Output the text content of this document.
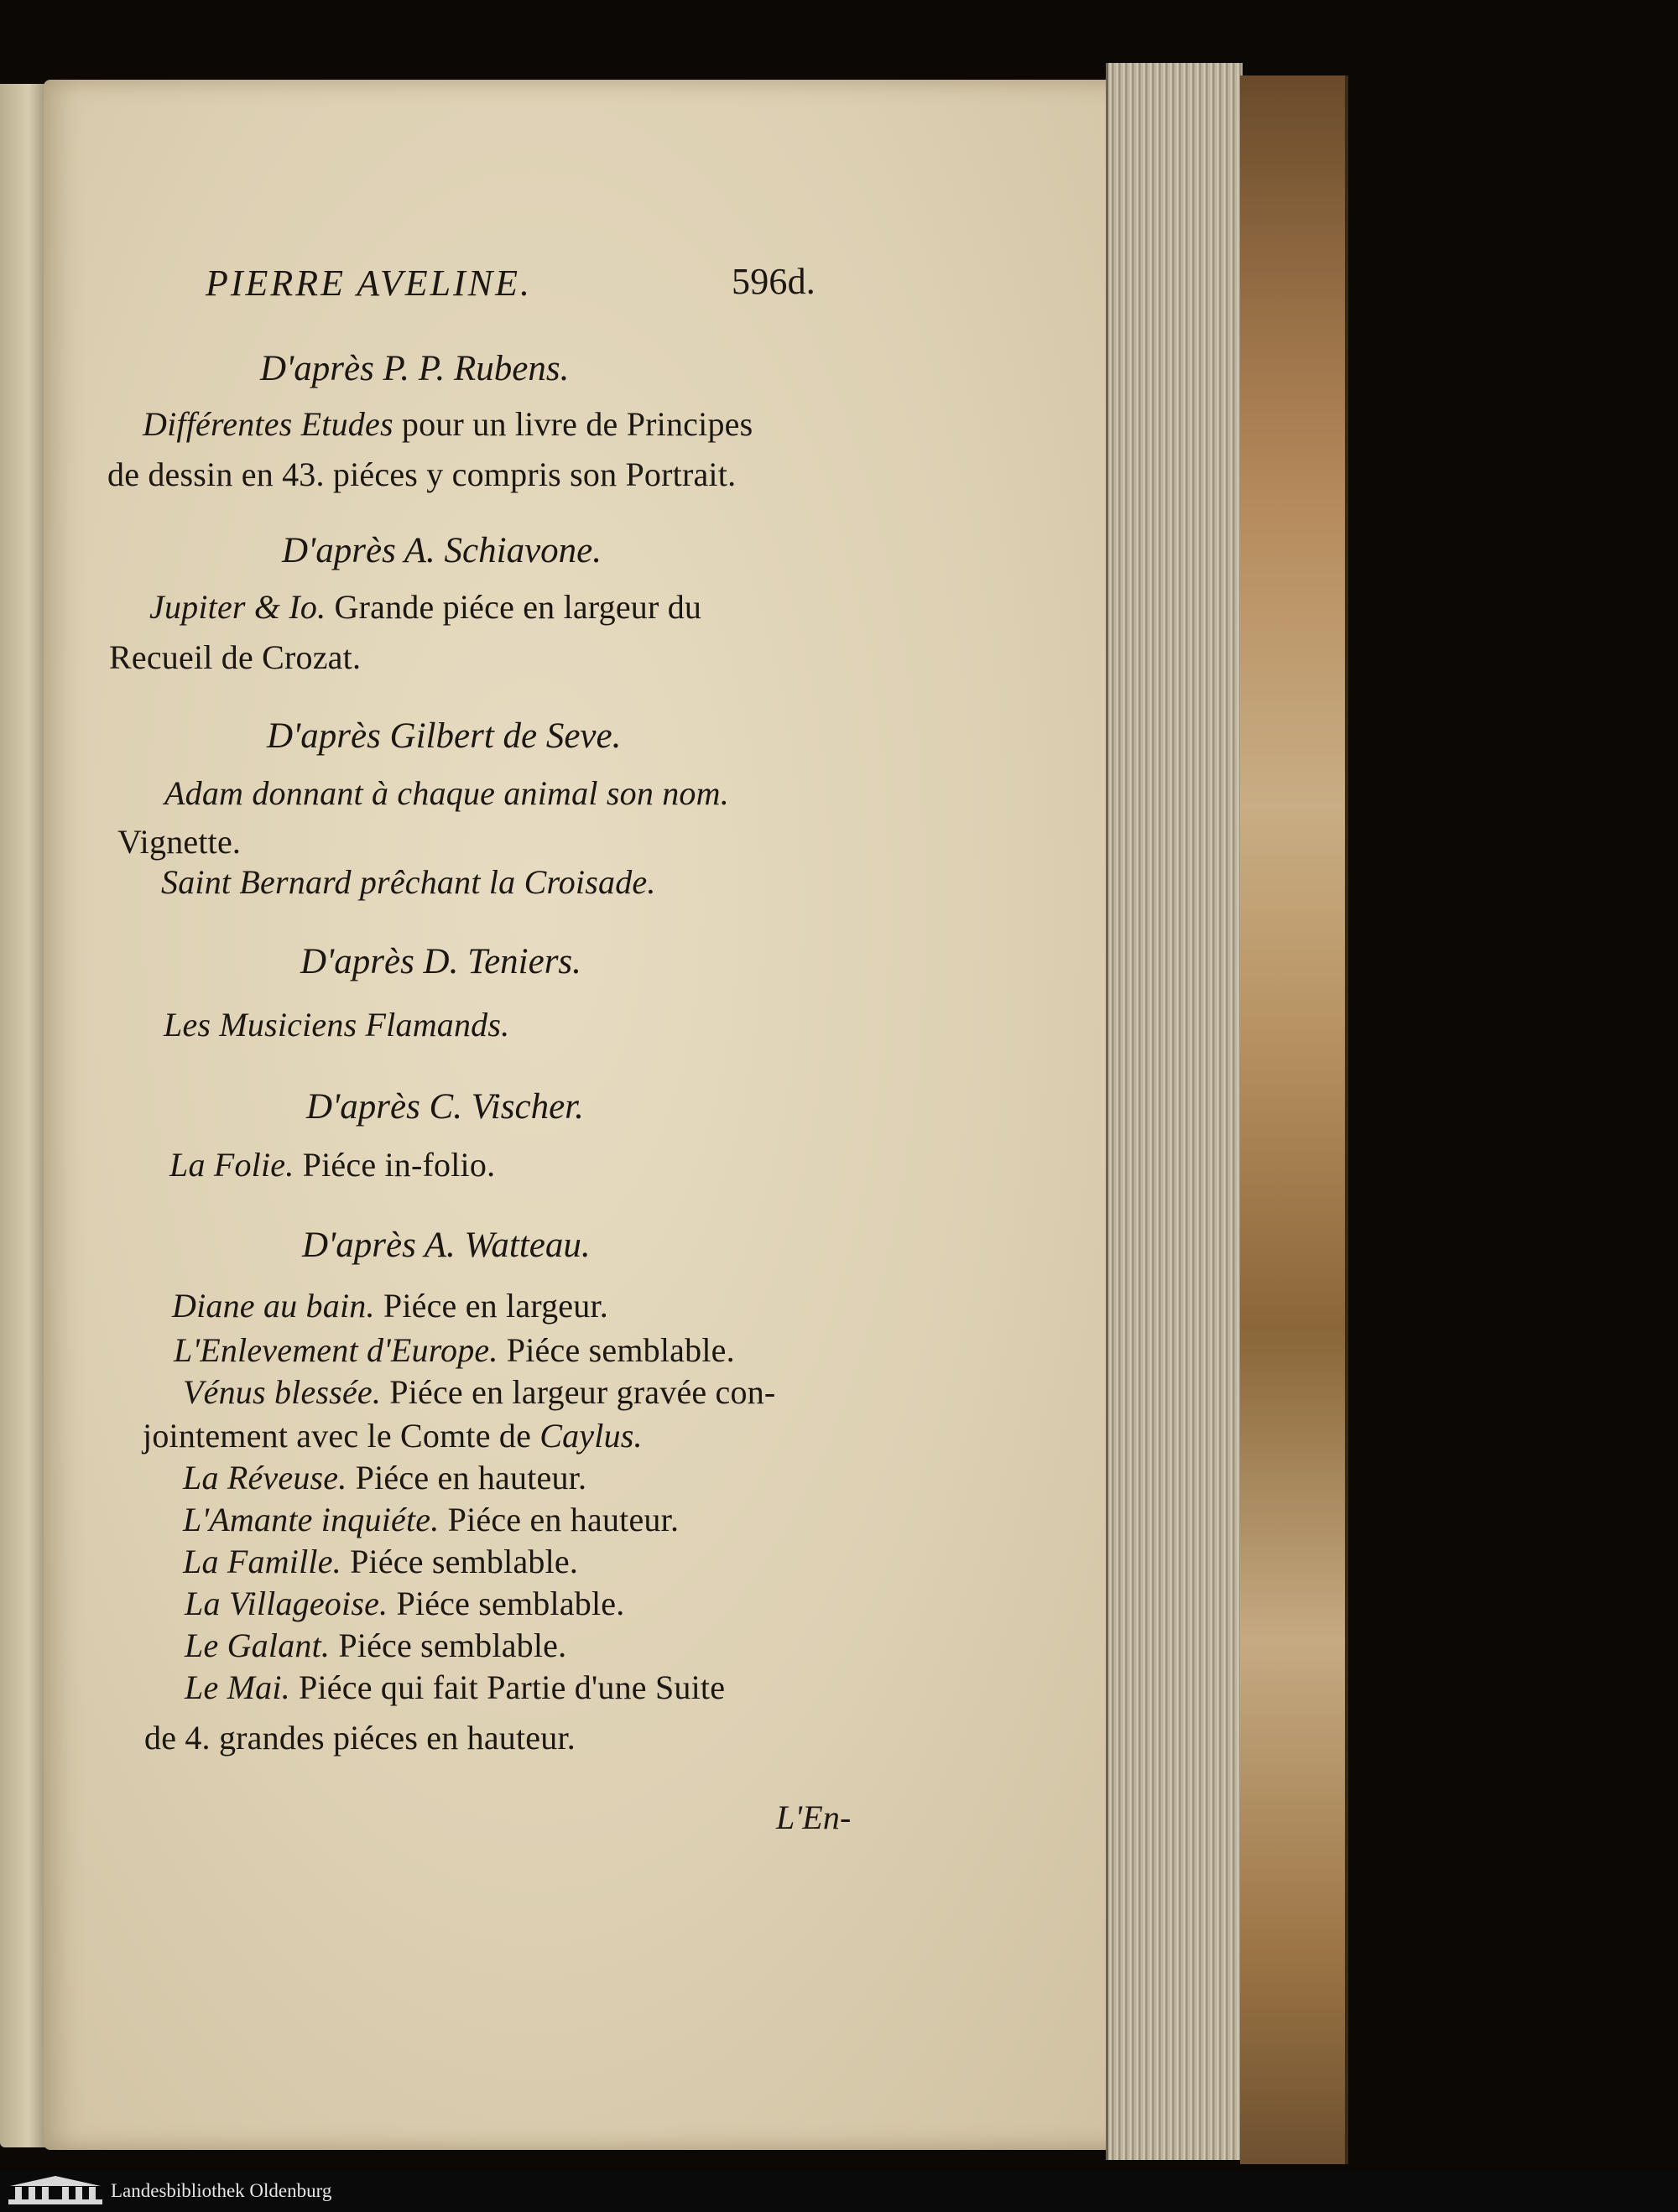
PIERRE AVELINE.	596d.
D'après P. P. Rubens.
Différentes Etudes pour un livre de Principes
de dessin en 43. piéces y compris son Portrait.
D'après A. Schiavone.
Jupiter & Io. Grande piéce en largeur du
Recueil de Crozat.
D'après Gilbert de Seve.
Adam donnant à chaque animal son nom.
Vignette.
Saint Bernard prêchant la Croisade.
D'après D. Teniers.
Les Musiciens Flamands.
D'après C. Vischer.
La Folie. Piéce in-folio.
D'après A. Watteau.
Diane au bain. Piéce en largeur.
L'Enlevement d'Europe. Piéce semblable.
Vénus blessée. Piéce en largeur gravée con-
jointement avec le Comte de Caylus.
La Réveuse. Piéce en hauteur.
L'Amante inquiéte. Piéce en hauteur.
La Famille. Piéce semblable.
La Villageoise. Piéce semblable.
Le Galant. Piéce semblable.
Le Mai. Piéce qui fait Partie d'une Suite
de 4. grandes piéces en hauteur.
L'En-
Landesbibliothek Oldenburg
